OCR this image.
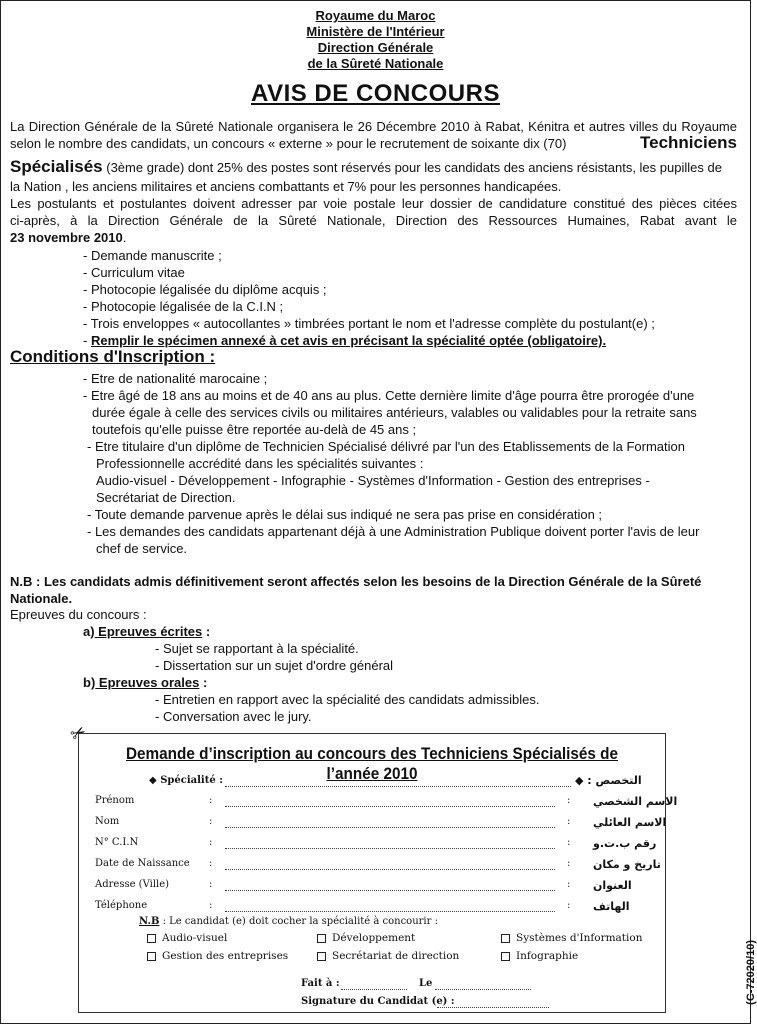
Royaume du Maroc
Ministère de l'Intérieur
Direction Générale
de la Sûreté Nationale
AVIS DE CONCOURS
La Direction Générale de la Sûreté Nationale organisera le 26 Décembre 2010 à Rabat, Kénitra et autres villes du Royaume
selon le nombre des candidats, un concours « externe » pour le recrutement de soixante dix (70)	Techniciens
Spécialisés (3ème grade) dont 25% des postes sont réservés pour les candidats des anciens résistants, les pupilles de
la Nation , les anciens militaires et anciens combattants et 7% pour les personnes handicapées.
Les postulants et postulantes doivent adresser par voie postale leur dossier de candidature constitué des pièces citées
ci-après, à la Direction Générale de la Sûreté Nationale, Direction des Ressources Humaines, Rabat avant le
23 novembre 2010.
- Demande manuscrite ;
- Curriculum vitae
- Photocopie légalisée du diplôme acquis ;
- Photocopie légalisée de la C.I.N ;
- Trois enveloppes « autocollantes » timbrées portant le nom et l'adresse complète du postulant(e) ;
- Remplir le spécimen annexé à cet avis en précisant la spécialité optée (obligatoire).
Conditions d'Inscription :
- Etre de nationalité marocaine ;
- Etre âgé de 18 ans au moins et de 40 ans au plus. Cette dernière limite d'âge pourra être prorogée d'une
durée égale à celle des services civils ou militaires antérieurs, valables ou validables pour la retraite sans
toutefois qu'elle puisse être reportée au-delà de 45 ans ;
- Etre titulaire d'un diplôme de Technicien Spécialisé délivré par l'un des Etablissements de la Formation
Professionnelle accrédité dans les spécialités suivantes :
Audio-visuel - Développement - Infographie - Systèmes d'Information - Gestion des entreprises -
Secrétariat de Direction.
- Toute demande parvenue après le délai sus indiqué ne sera pas prise en considération ;
- Les demandes des candidats appartenant déjà à une Administration Publique doivent porter l'avis de leur
chef de service.
N.B : Les candidats admis définitivement seront affectés selon les besoins de la Direction Générale de la Sûreté
Nationale.
Epreuves du concours :
a) Epreuves écrites :
- Sujet se rapportant à la spécialité.
- Dissertation sur un sujet d'ordre général
b) Epreuves orales :
- Entretien en rapport avec la spécialité des candidats admissibles.
- Conversation avec le jury.
✂
Demande d’inscription au concours des Techniciens Spécialisés de l’année 2010
◆ Spécialité :	التخصص : ◆
Prénom	:	: الاسم الشخصي
Nom	:	: الاسم العائلي
N° C.I.N	:	: رقم ب.ت.و
Date de Naissance :	: تاريخ و مكان
Adresse (Ville)	:	: العنوان
Téléphone	:	: الهاتف
N.B : Le candidat (e) doit cocher la spécialité à concourir :
Audio-visuel	Développement	Systèmes d'Information
Gestion des entreprises	Secrétariat de direction	Infographie
Fait à :	Le
Signature du Candidat (e) :	(C-72020/10)
